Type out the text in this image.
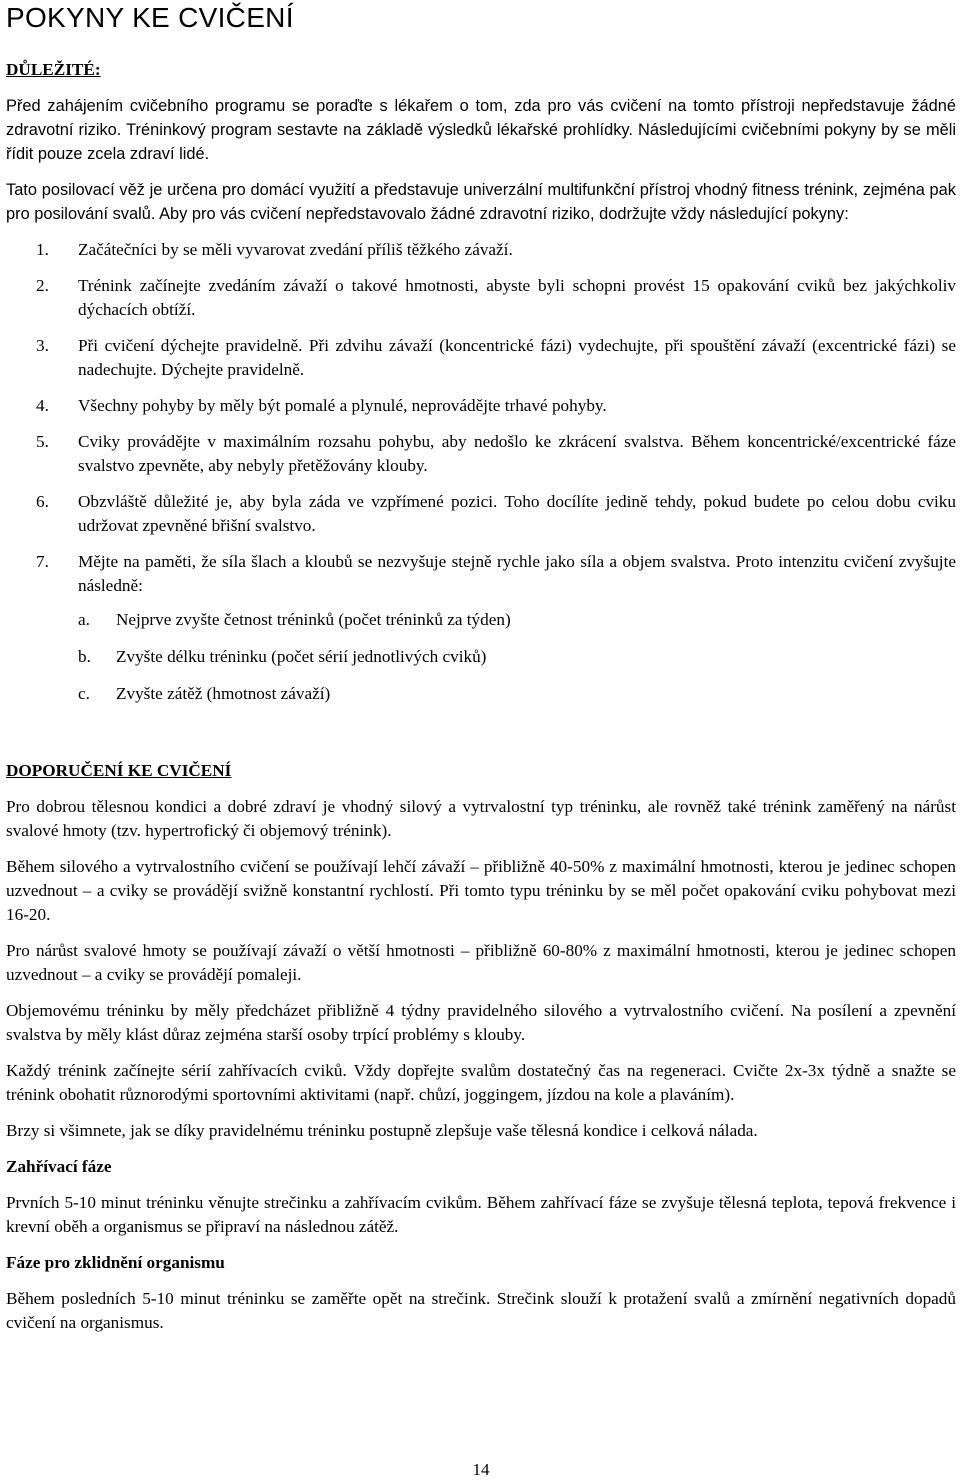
POKYNY KE CVIČENÍ
DŮLEŽITÉ:

Před zahájením cvičebního programu se poraďte s lékařem o tom, zda pro vás cvičení na tomto přístroji nepředstavuje žádné zdravotní riziko. Tréninkový program sestavte na základě výsledků lékařské prohlídky. Následujícími cvičebními pokyny by se měli řídit pouze zcela zdraví lidé.

Tato posilovací věž je určena pro domácí využití a představuje univerzální multifunkční přístroj vhodný fitness trénink, zejména pak pro posilování svalů. Aby pro vás cvičení nepředstavovalo žádné zdravotní riziko, dodržujte vždy následující pokyny:

1. Začátečníci by se měli vyvarovat zvedání příliš těžkého závaží.
2. Trénink začínejte zvedáním závaží o takové hmotnosti, abyste byli schopni provést 15 opakování cviků bez jakýchkoliv dýchacích obtíží.
3. Při cvičení dýchejte pravidelně. Při zdvihu závaží (koncentrické fázi) vydechujte, při spouštění závaží (excentrické fázi) se nadechujte. Dýchejte pravidelně.
4. Všechny pohyby by měly být pomalé a plynulé, neprovádějte trhavé pohyby.
5. Cviky provádějte v maximálním rozsahu pohybu, aby nedošlo ke zkrácení svalstva. Během koncentrické/excentrické fáze svalstvo zpevněte, aby nebyly přetěžovány klouby.
6. Obzvláště důležité je, aby byla záda ve vzpřímené pozici. Toho docílíte jedině tehdy, pokud budete po celou dobu cviku udržovat zpevněné břišní svalstvo.
7. Mějte na paměti, že síla šlach a kloubů se nezvyšuje stejně rychle jako síla a objem svalstva. Proto intenzitu cvičení zvyšujte následně:
a. Nejprve zvyšte četnost tréninků (počet tréninků za týden)
b. Zvyšte délku tréninku (počet sérií jednotlivých cviků)
c. Zvyšte zátěž (hmotnost závaží)
DOPORUČENÍ KE CVIČENÍ

Pro dobrou tělesnou kondici a dobré zdraví je vhodný silový a vytrvalostní typ tréninku, ale rovněž také trénink zaměřený na nárůst svalové hmoty (tzv. hypertrofický či objemový trénink).

Během silového a vytrvalostního cvičení se používají lehčí závaží – přibližně 40-50% z maximální hmotnosti, kterou je jedinec schopen uzvednout – a cviky se provádějí svižně konstantní rychlostí. Při tomto typu tréninku by se měl počet opakování cviku pohybovat mezi 16-20.

Pro nárůst svalové hmoty se používají závaží o větší hmotnosti – přibližně 60-80% z maximální hmotnosti, kterou je jedinec schopen uzvednout – a cviky se provádějí pomaleji.

Objemovému tréninku by měly předcházet přibližně 4 týdny pravidelného silového a vytrvalostního cvičení. Na posílení a zpevnění svalstva by měly klást důraz zejména starší osoby trpící problémy s klouby.

Každý trénink začínejte sérií zahřívacích cviků. Vždy dopřejte svalům dostatečný čas na regeneraci. Cvičte 2x-3x týdně a snažte se trénink obohatit různorodými sportovními aktivitami (např. chůzí, joggingem, jízdou na kole a plaváním).

Brzy si všimnete, jak se díky pravidelnému tréninku postupně zlepšuje vaše tělesná kondice i celková nálada.

Zahřívací fáze

Prvních 5-10 minut tréninku věnujte strečinku a zahřívacím cvikům. Během zahřívací fáze se zvyšuje tělesná teplota, tepová frekvence i krevní oběh a organismus se připraví na následnou zátěž.

Fáze pro zklidnění organismu

Během posledních 5-10 minut tréninku se zaměřte opět na strečink. Strečink slouží k protažení svalů a zmírnění negativních dopadů cvičení na organismus.

14
